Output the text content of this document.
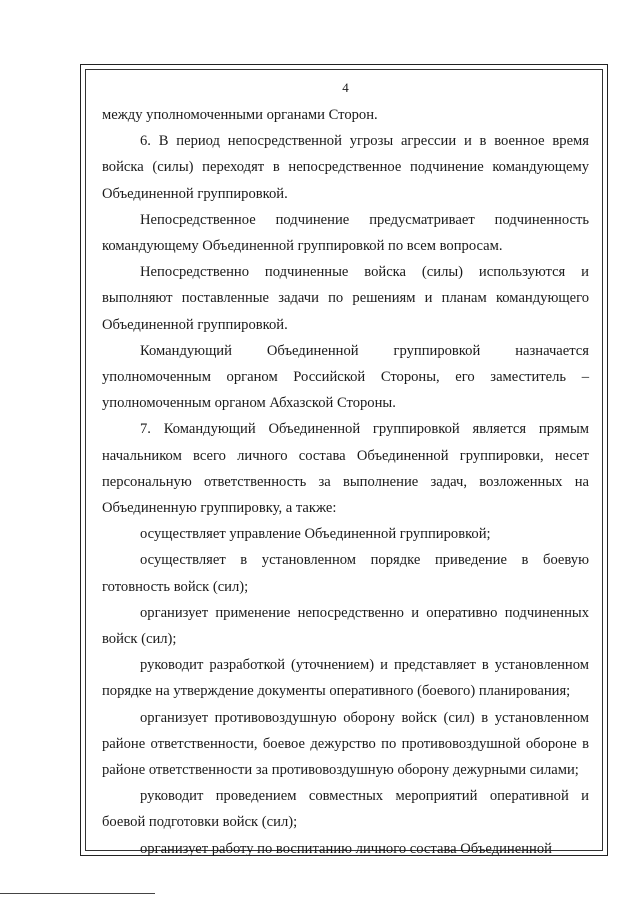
4

между уполномоченными органами Сторон.

6. В период непосредственной угрозы агрессии и в военное время войска (силы) переходят в непосредственное подчинение командующему Объединенной группировкой.

Непосредственное подчинение предусматривает подчиненность командующему Объединенной группировкой по всем вопросам.

Непосредственно подчиненные войска (силы) используются и выполняют поставленные задачи по решениям и планам командующего Объединенной группировкой.

Командующий Объединенной группировкой назначается уполномоченным органом Российской Стороны, его заместитель – уполномоченным органом Абхазской Стороны.

7. Командующий Объединенной группировкой является прямым начальником всего личного состава Объединенной группировки, несет персональную ответственность за выполнение задач, возложенных на Объединенную группировку, а также:

осуществляет управление Объединенной группировкой;

осуществляет в установленном порядке приведение в боевую готовность войск (сил);

организует применение непосредственно и оперативно подчиненных войск (сил);

руководит разработкой (уточнением) и представляет в установленном порядке на утверждение документы оперативного (боевого) планирования;

организует противовоздушную оборону войск (сил) в установленном районе ответственности, боевое дежурство по противовоздушной обороне в районе ответственности за противовоздушную оборону дежурными силами;

руководит проведением совместных мероприятий оперативной и боевой подготовки войск (сил);

организует работу по воспитанию личного состава Объединенной
